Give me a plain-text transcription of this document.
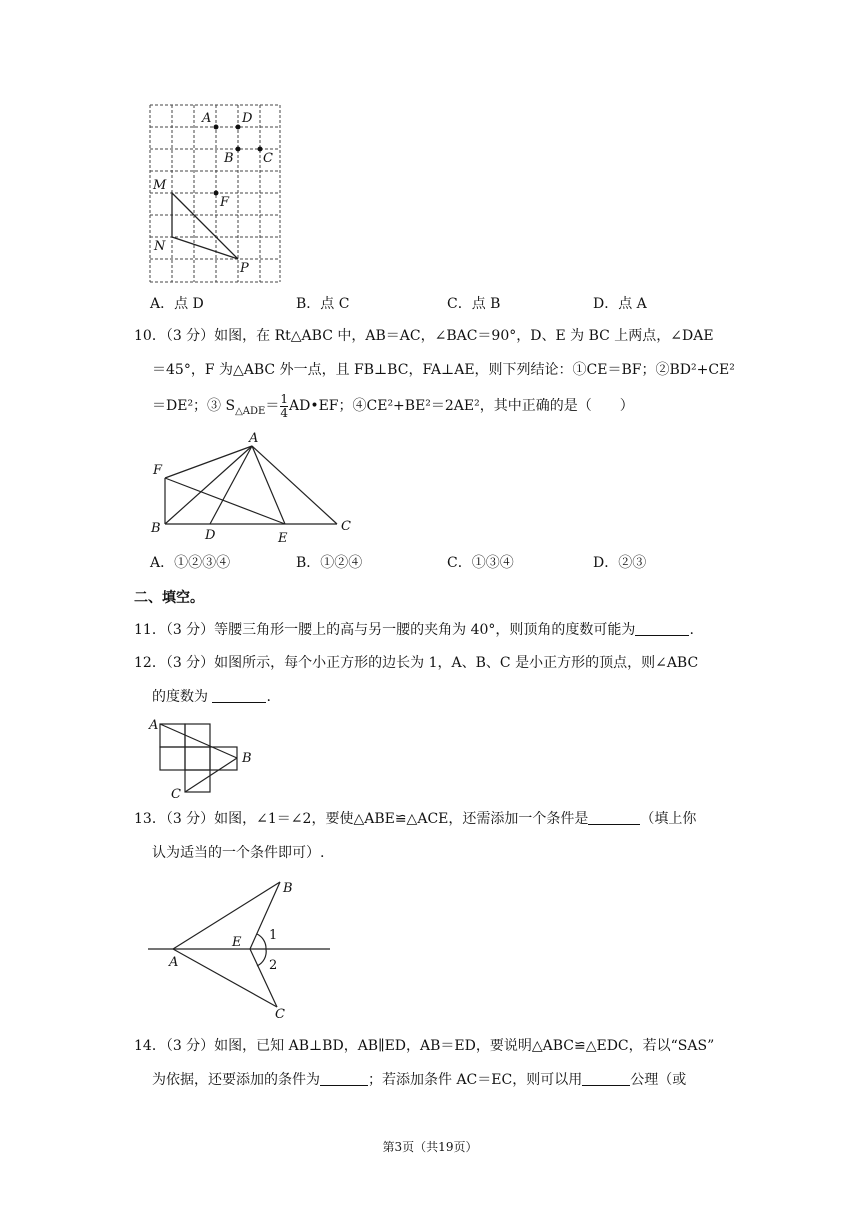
A D
B C
M
F
N
P
A．点 D	B．点 C	C．点 B	D．点 A
10．（3 分）如图，在 Rt△ABC 中，AB＝AC，∠BAC＝90°，D、E 为 BC 上两点，∠DAE
＝45°，F 为△ABC 外一点，且 FB⊥BC，FA⊥AE，则下列结论：①CE＝BF；②BD²+CE²
＝DE²；③ $S_{\triangle ADE}= \frac{1}{4}$ AD•EF；④CE²+BE²＝2AE²，其中正确的是（　　）
A
F
B	D	E
C
A．①②③④	B．①②④	C．①③④	D．②③
二、填空。
11．（3 分）等腰三角形一腰上的高与另一腰的夹角为 40°，则顶角的度数可能为	.
12．（3 分）如图所示，每个小正方形的边长为 1，A、B、C 是小正方形的顶点，则∠ABC
的度数为	.
A
B
C
13．（3 分）如图，∠1＝∠2，要使△ABE≌△ACE，还需添加一个条件是	（填上你
认为适当的一个条件即可）.
B
E 1
2
A
C
14．（3 分）如图，已知 AB⊥BD，AB∥ED，AB＝ED，要说明△ABC≌△EDC，若以“SAS”
为依据，还要添加的条件为	；若添加条件 AC＝EC，则可以用	公理（或
第3页（共19页）
